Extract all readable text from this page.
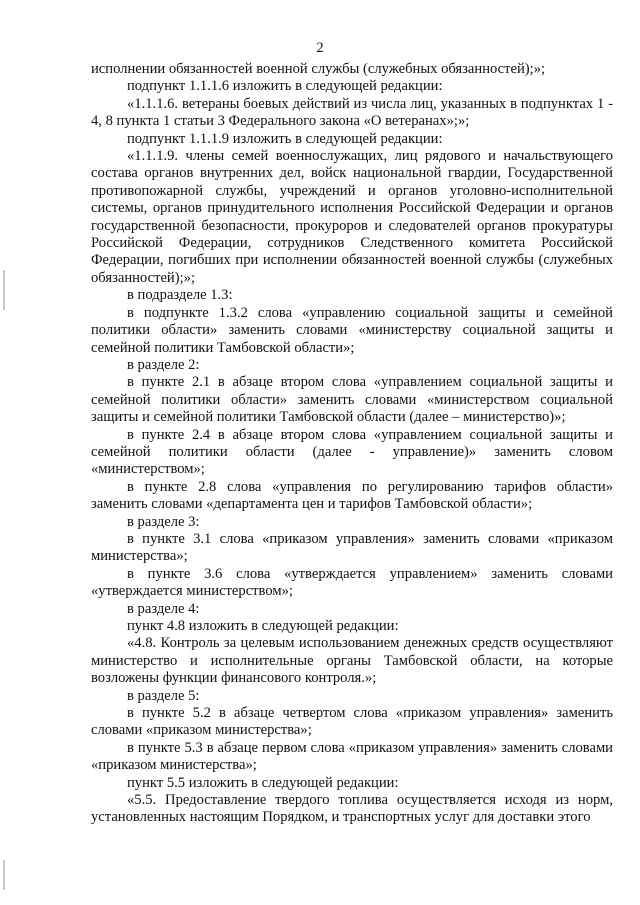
2

исполнении обязанностей военной службы (служебных обязанностей);»;

подпункт 1.1.1.6 изложить в следующей редакции:

«1.1.1.6. ветераны боевых действий из числа лиц, указанных в подпунктах 1 - 4, 8 пункта 1 статьи 3 Федерального закона «О ветеранах»;»;

подпункт 1.1.1.9 изложить в следующей редакции:

«1.1.1.9. члены семей военнослужащих, лиц рядового и начальствующего состава органов внутренних дел, войск национальной гвардии, Государственной противопожарной службы, учреждений и органов уголовно-исполнительной системы, органов принудительного исполнения Российской Федерации и органов государственной безопасности, прокуроров и следователей органов прокуратуры Российской Федерации, сотрудников Следственного комитета Российской Федерации, погибших при исполнении обязанностей военной службы (служебных обязанностей);»;

в подразделе 1.3:

в подпункте 1.3.2 слова «управлению социальной защиты и семейной политики области» заменить словами «министерству социальной защиты и семейной политики Тамбовской области»;

в разделе 2:

в пункте 2.1 в абзаце втором слова «управлением социальной защиты и семейной политики области» заменить словами «министерством социальной защиты и семейной политики Тамбовской области (далее – министерство)»;

в пункте 2.4 в абзаце втором слова «управлением социальной защиты и семейной политики области (далее - управление)» заменить словом «министерством»;

в пункте 2.8 слова «управления по регулированию тарифов области» заменить словами «департамента цен и тарифов Тамбовской области»;

в разделе 3:

в пункте 3.1 слова «приказом управления» заменить словами «приказом министерства»;

в пункте 3.6 слова «утверждается управлением» заменить словами «утверждается министерством»;

в разделе 4:

пункт 4.8 изложить в следующей редакции:

«4.8. Контроль за целевым использованием денежных средств осуществляют министерство и исполнительные органы Тамбовской области, на которые возложены функции финансового контроля.»;

в разделе 5:

в пункте 5.2 в абзаце четвертом слова «приказом управления» заменить словами «приказом министерства»;

в пункте 5.3 в абзаце первом слова «приказом управления» заменить словами «приказом министерства»;

пункт 5.5 изложить в следующей редакции:

«5.5. Предоставление твердого топлива осуществляется исходя из норм, установленных настоящим Порядком, и транспортных услуг для доставки этого
